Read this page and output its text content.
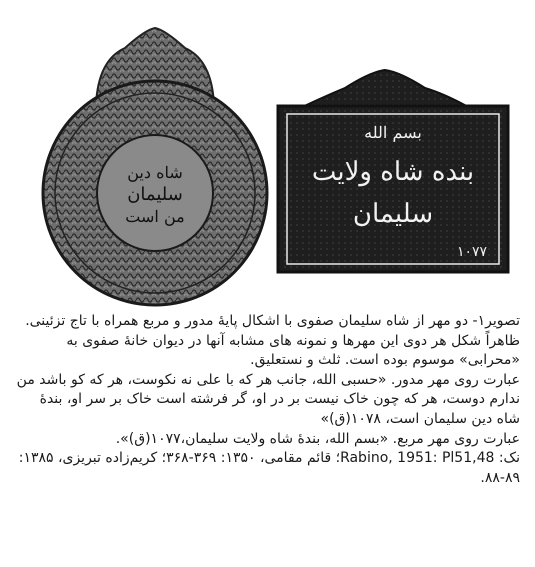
ﺷﺎﻩ ﺩﻳﻦ
ﺳﻠﻴﻤﺎﻥ
ﻣﻦ ﺍﺳﺖ
ﺑﺴﻢ ﺍﻟﻠﻪ
ﺑﻨﺪﻩ ﺷﺎﻩ ﻭﻻﻳﺖ
ﺳﻠﻴﻤﺎﻥ
۱۰۷۷

تصویر۱- دو مهر از شاه سلیمان صفوی با اشکال پایهٔ مدور و مربع همراه با تاج تزئینی. ظاهراً شکل هر دوی این مهرها و نمونه های مشابه آنها در دیوان خانهٔ صفوی به «محرابی» موسوم بوده است. ثلث و نستعلیق.

عبارت روی مهر مدور. «حسبی الله، جانب هر که با علی نه نکوست، هر که کو باشد من ندارم دوست، هر که چون خاک نیست بر در او، گر فرشته است خاک بر سر او، بندهٔ شاه دین سلیمان است، ۱۰۷۸(ق)»

عبارت روی مهر مربع. «بسم الله، بندهٔ شاه ولایت سلیمان،۱۰۷۷(ق)».

نک: Rabino, 1951: Pl51,48؛ قائم مقامی، ۱۳۵۰: ۳۶۹-۳۶۸؛ کریم‌زاده تبریزی، ۱۳۸۵: ۸۹-۸۸.
